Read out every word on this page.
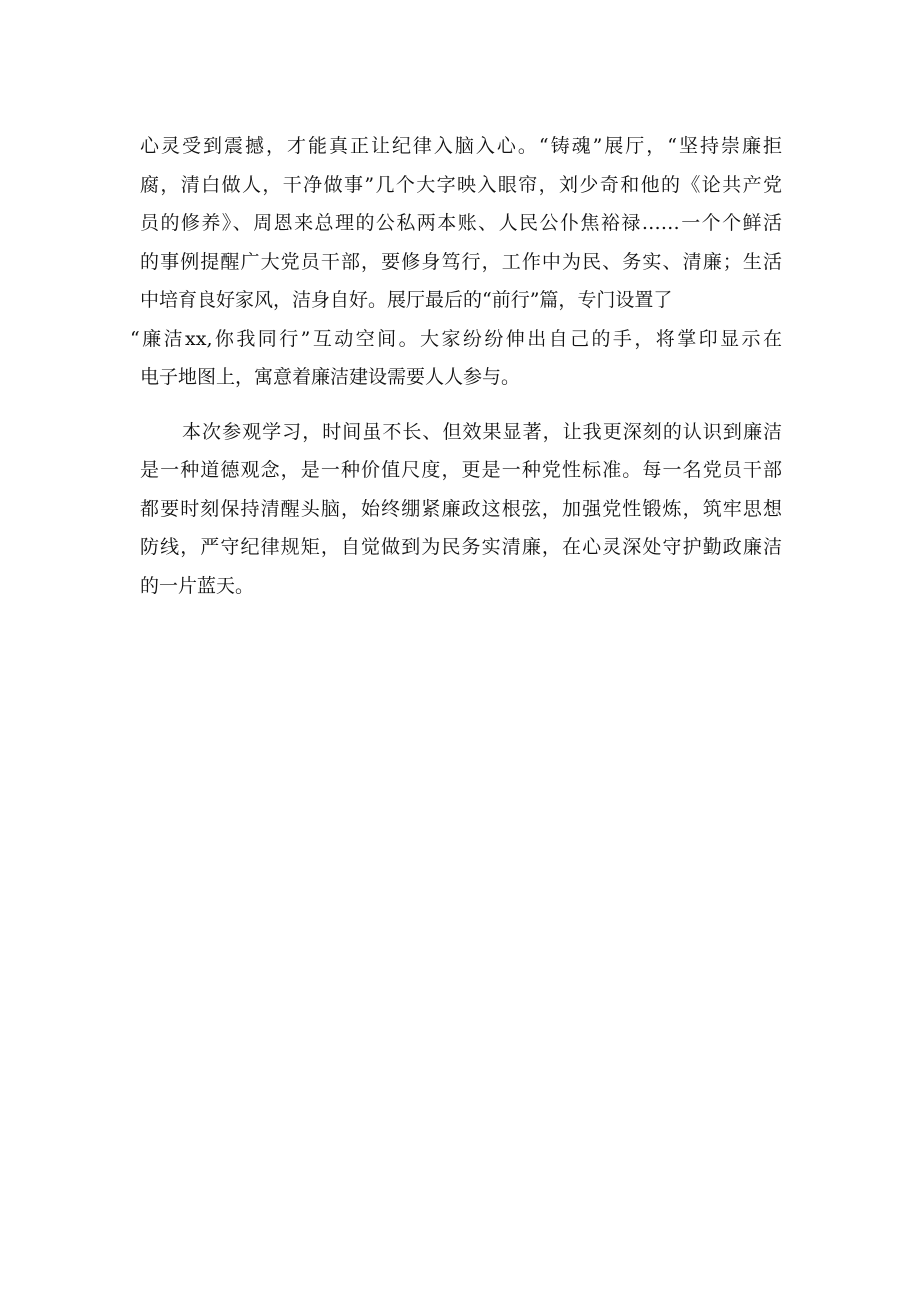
心灵受到震撼，才能真正让纪律入脑入心。“铸魂”展厅，“坚持崇廉拒
腐，清白做人，干净做事”几个大字映入眼帘，刘少奇和他的《论共产党
员的修养》、周恩来总理的公私两本账、人民公仆焦裕禄……一个个鲜活
的事例提醒广大党员干部，要修身笃行，工作中为民、务实、清廉；生活
中培育良好家风，洁身自好。展厅最后的“前行”篇，专门设置了
“廉洁xx,你我同行”互动空间。大家纷纷伸出自己的手，将掌印显示在
电子地图上，寓意着廉洁建设需要人人参与。
本次参观学习，时间虽不长、但效果显著，让我更深刻的认识到廉洁
是一种道德观念，是一种价值尺度，更是一种党性标准。每一名党员干部
都要时刻保持清醒头脑，始终绷紧廉政这根弦，加强党性锻炼，筑牢思想
防线，严守纪律规矩，自觉做到为民务实清廉，在心灵深处守护勤政廉洁
的一片蓝天。
